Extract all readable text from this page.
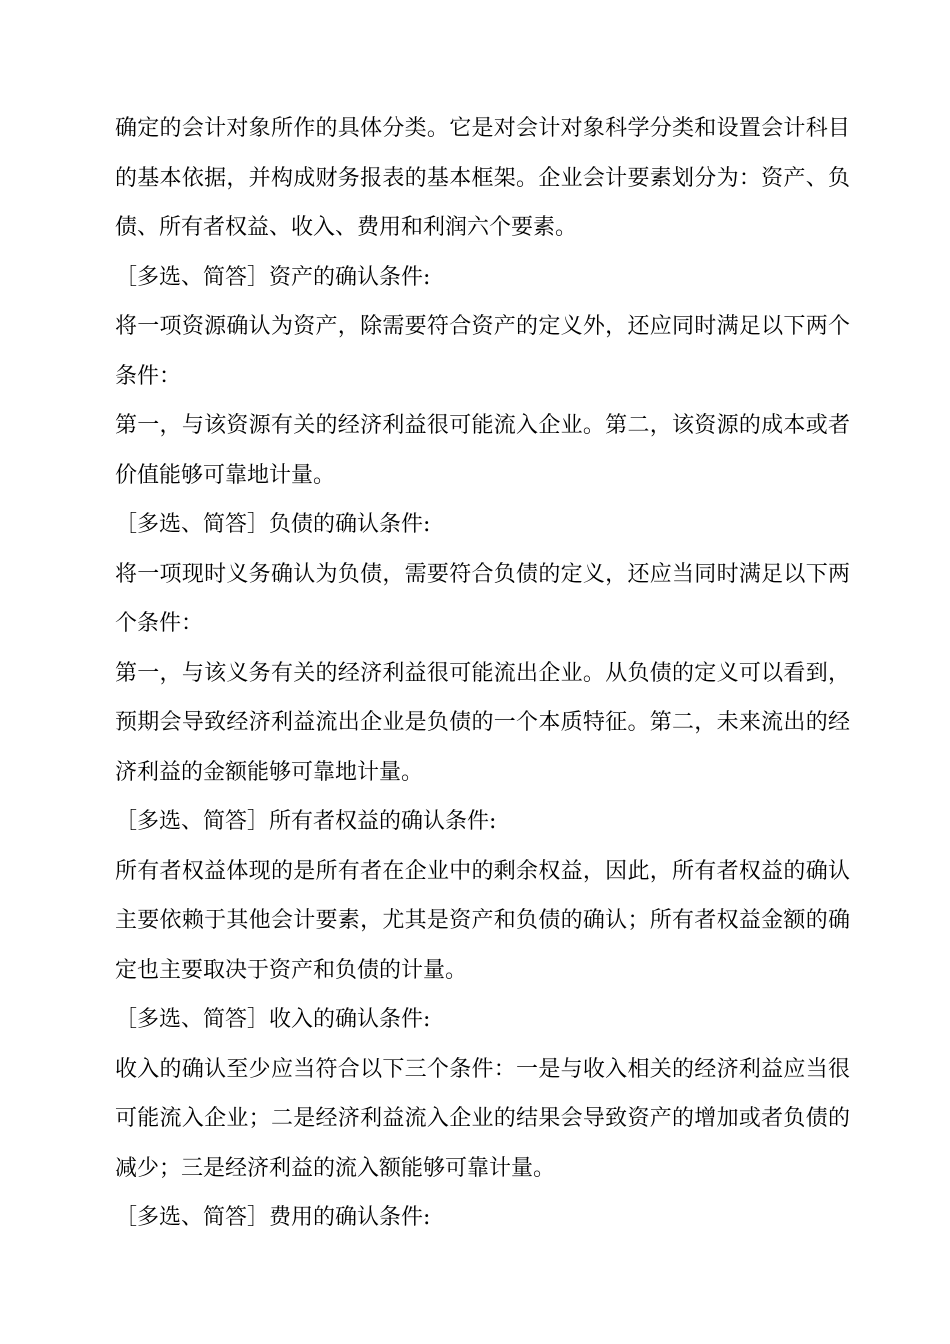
确定的会计对象所作的具体分类。它是对会计对象科学分类和设置会计科目的基本依据，并构成财务报表的基本框架。企业会计要素划分为：资产、负债、所有者权益、收入、费用和利润六个要素。

［多选、简答］资产的确认条件:

将一项资源确认为资产，除需要符合资产的定义外，还应同时满足以下两个条件：

第一，与该资源有关的经济利益很可能流入企业。第二，该资源的成本或者价值能够可靠地计量。

［多选、简答］负债的确认条件:

将一项现时义务确认为负债，需要符合负债的定义，还应当同时满足以下两个条件：

第一，与该义务有关的经济利益很可能流出企业。从负债的定义可以看到，预期会导致经济利益流出企业是负债的一个本质特征。第二，未来流出的经济利益的金额能够可靠地计量。

［多选、简答］所有者权益的确认条件:

所有者权益体现的是所有者在企业中的剩余权益，因此，所有者权益的确认主要依赖于其他会计要素，尤其是资产和负债的确认；所有者权益金额的确定也主要取决于资产和负债的计量。

［多选、简答］收入的确认条件:

收入的确认至少应当符合以下三个条件：一是与收入相关的经济利益应当很可能流入企业；二是经济利益流入企业的结果会导致资产的增加或者负债的减少；三是经济利益的流入额能够可靠计量。

［多选、简答］费用的确认条件:
